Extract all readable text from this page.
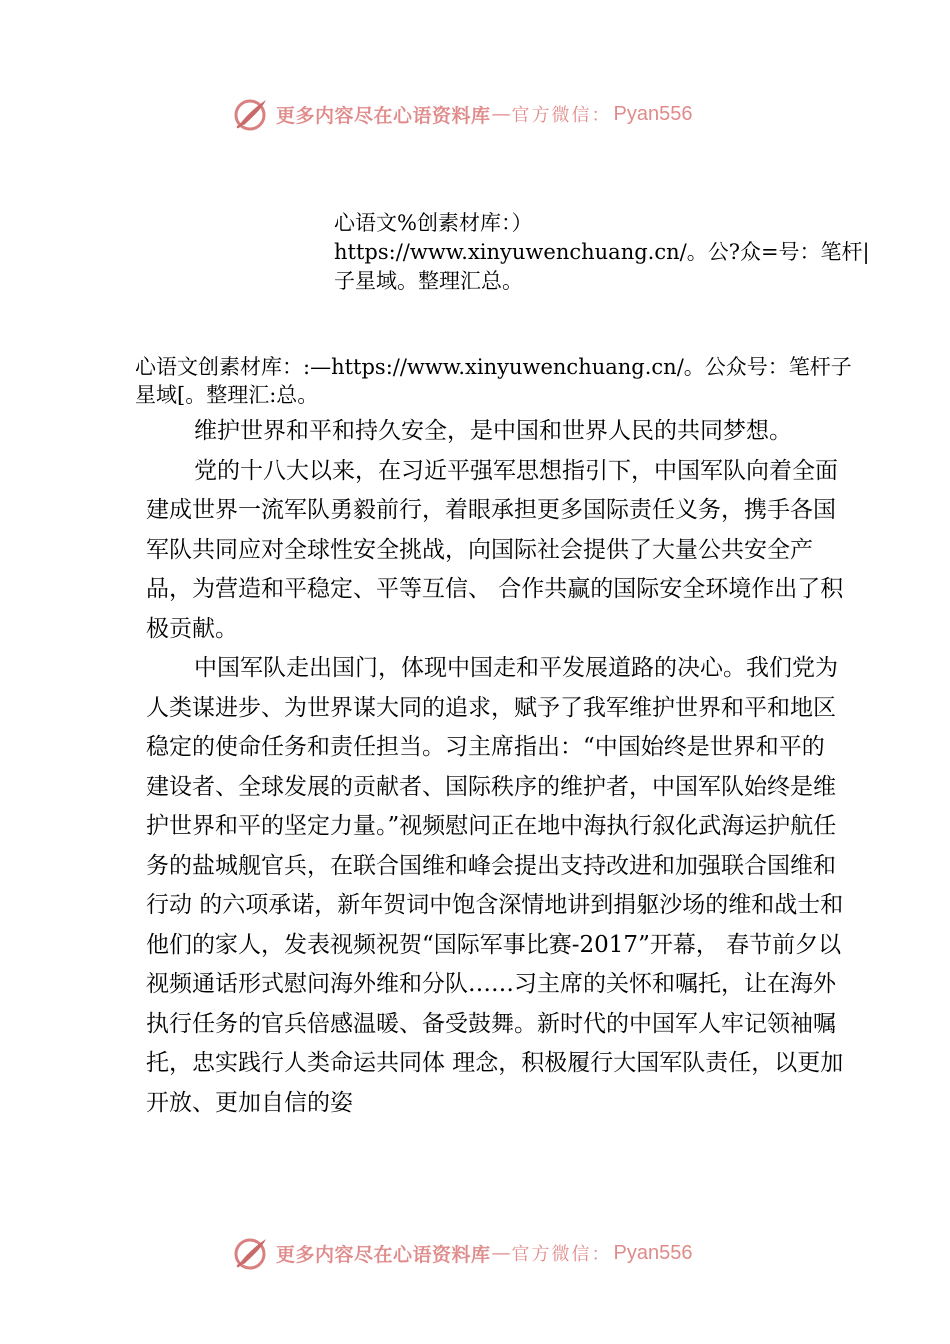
更多内容尽在心语资料库 — 官方微信： Pyan556

心语文%创素材库：）https://www.xinyuwenchuang.cn/。公?众=号：笔杆|子星域。整理汇总。

心语文创素材库：:—https://www.xinyuwenchuang.cn/。公众号：笔杆子星域[。整理汇:总。

维护世界和平和持久安全，是中国和世界人民的共同梦想。

党的十八大以来，在习近平强军思想指引下，中国军队向着全面建成世界一流军队勇毅前行，着眼承担更多国际责任义务，携手各国军队共同应对全球性安全挑战，向国际社会提供了大量公共安全产品，为营造和平稳定、平等互信、 合作共赢的国际安全环境作出了积极贡献。

中国军队走出国门，体现中国走和平发展道路的决心。我们党为人类谋进步、为世界谋大同的追求，赋予了我军维护世界和平和地区稳定的使命任务和责任担当。习主席指出：“中国始终是世界和平的建设者、全球发展的贡献者、国际秩序的维护者，中国军队始终是维护世界和平的坚定力量。”视频慰问正在地中海执行叙化武海运护航任务的盐城舰官兵，在联合国维和峰会提出支持改进和加强联合国维和行动 的六项承诺，新年贺词中饱含深情地讲到捐躯沙场的维和战士和他们的家人，发表视频祝贺“国际军事比赛-2017”开幕， 春节前夕以视频通话形式慰问海外维和分队……习主席的关怀和嘱托，让在海外执行任务的官兵倍感温暖、备受鼓舞。新时代的中国军人牢记领袖嘱托，忠实践行人类命运共同体 理念，积极履行大国军队责任，以更加开放、更加自信的姿

更多内容尽在心语资料库 — 官方微信： Pyan556
